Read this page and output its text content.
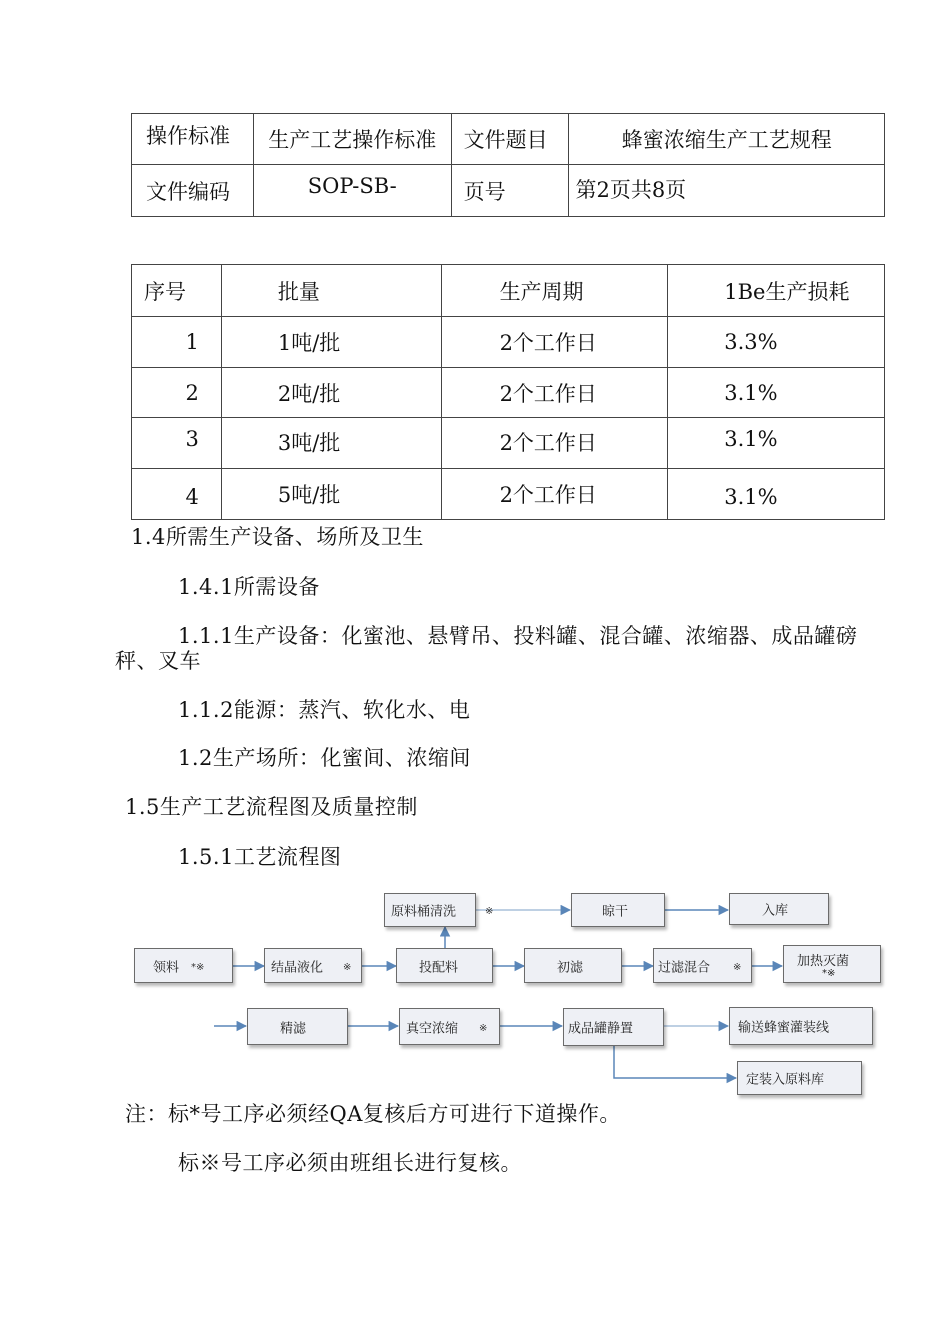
操作标准	生产工艺操作标准	文件题目	蜂蜜浓缩生产工艺规程
文件编码	SOP-SB-	页号	第2页共8页
序号	批量	生产周期	1Be生产损耗
1	1吨/批	2个工作日	3.3%
2	2吨/批	2个工作日	3.1%
3	3吨/批	2个工作日	3.1%
4	5吨/批	2个工作日	3.1%
1.4所需生产设备、场所及卫生
1.4.1所需设备
1.1.1生产设备：化蜜池、悬臂吊、投料罐、混合罐、浓缩器、成品罐磅
秤、叉车
1.1.2能源：蒸汽、软化水、电
1.2生产场所：化蜜间、浓缩间
1.5生产工艺流程图及质量控制
1.5.1工艺流程图
原料桶清洗	※	晾干	入库
领料 *※	结晶液化 ※	投配料	初滤	过滤混合 ※	加热灭菌
*※
精滤	真空浓缩 ※	成品罐静置	输送蜂蜜灌装线
定装入原料库
注：标*号工序必须经QA复核后方可进行下道操作。
标※号工序必须由班组长进行复核。
